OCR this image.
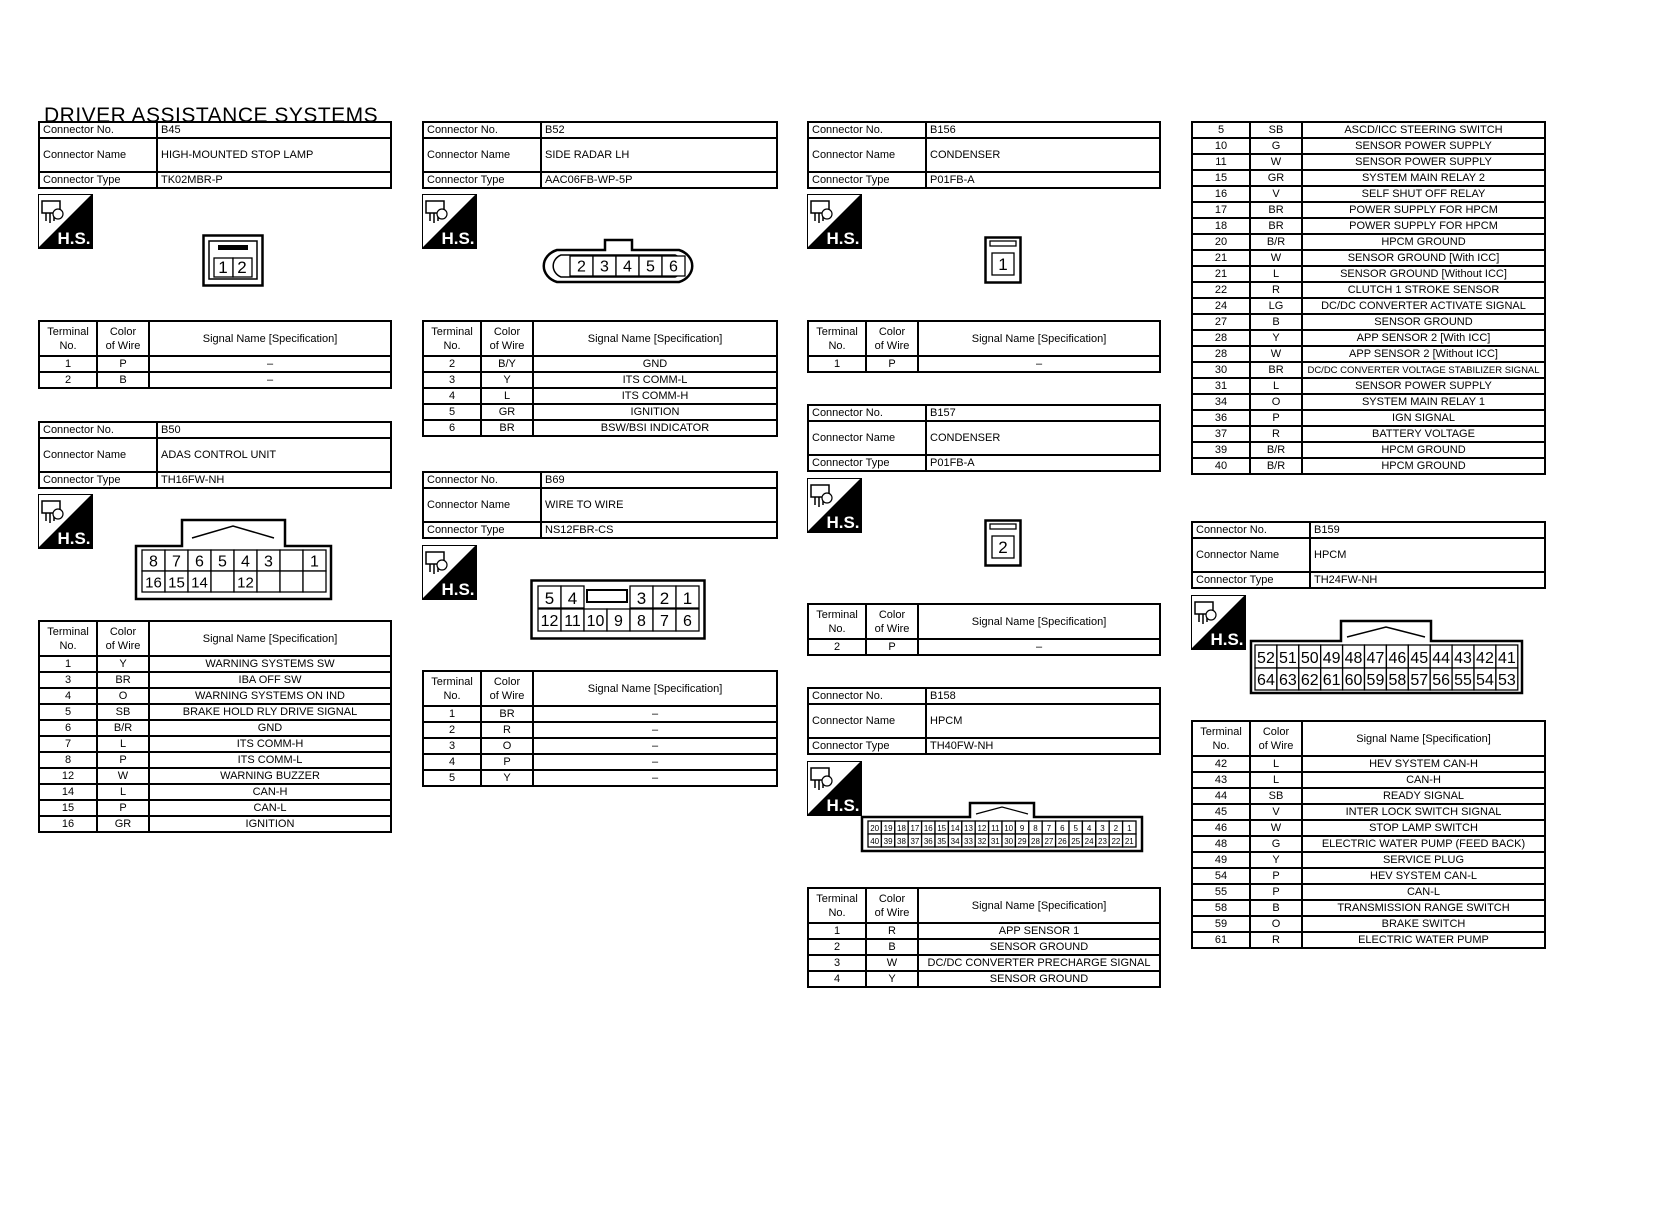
DRIVER ASSISTANCE SYSTEMS
Connector No.	B45
Connector Name	HIGH-MOUNTED STOP LAMP
Connector Type	TK02MBR-P
H.S.
1 2
Terminal
No.	Color
of Wire	Signal Name [Specification]
1	P	–
2	B	–
Connector No.	B50
Connector Name	ADAS CONTROL UNIT
Connector Type	TH16FW-NH
H.S.
8 7 6 5 4 3 1
16 15 14 12
Terminal
No.	Color
of Wire	Signal Name [Specification]
1	Y	WARNING SYSTEMS SW
3	BR	IBA OFF SW
4	O	WARNING SYSTEMS ON IND
5	SB	BRAKE HOLD RLY DRIVE SIGNAL
6	B/R	GND
7	L	ITS COMM-H
8	P	ITS COMM-L
12	W	WARNING BUZZER
14	L	CAN-H
15	P	CAN-L
16	GR	IGNITION
Connector No.	B52
Connector Name	SIDE RADAR LH
Connector Type	AAC06FB-WP-5P
H.S.
2 3 4 5 6
Terminal
No.	Color
of Wire	Signal Name [Specification]
2	B/Y	GND
3	Y	ITS COMM-L
4	L	ITS COMM-H
5	GR	IGNITION
6	BR	BSW/BSI INDICATOR
Connector No.	B69
Connector Name	WIRE TO WIRE
Connector Type	NS12FBR-CS
H.S.	5 4	3 2 1
12 11 10 9 8 7 6
Terminal
No.	Color
of Wire	Signal Name [Specification]
1	BR	–
2	R	–
3	O	–
4	P	–
5	Y	–
Connector No.	B156
Connector Name	CONDENSER
Connector Type	P01FB-A
H.S.
1
Terminal
No.	Color
of Wire	Signal Name [Specification]
1	P	–
Connector No.	B157
Connector Name	CONDENSER
Connector Type	P01FB-A
H.S.
2
Terminal
No.	Color
of Wire	Signal Name [Specification]
2	P	–
Connector No.	B158
Connector Name	HPCM
Connector Type	TH40FW-NH
H.S.
20 19 18 17 16 15 14 13 12 11 10 9 8 7 6 5 4 3 2 1
40 39 38 37 36 35 34 33 32 31 30 29 28 27 26 25 24 23 22 21
Terminal
No.	Color
of Wire	Signal Name [Specification]
1	R	APP SENSOR 1
2	B	SENSOR GROUND
3	W	DC/DC CONVERTER PRECHARGE SIGNAL
4	Y	SENSOR GROUND
5	SB	ASCD/ICC STEERING SWITCH
10	G	SENSOR POWER SUPPLY
11	W	SENSOR POWER SUPPLY
15	GR	SYSTEM MAIN RELAY 2
16	V	SELF SHUT OFF RELAY
17	BR	POWER SUPPLY FOR HPCM
18	BR	POWER SUPPLY FOR HPCM
20	B/R	HPCM GROUND
21	W	SENSOR GROUND [With ICC]
21	L	SENSOR GROUND [Without ICC]
22	R	CLUTCH 1 STROKE SENSOR
24	LG	DC/DC CONVERTER ACTIVATE SIGNAL
27	B	SENSOR GROUND
28	Y	APP SENSOR 2 [With ICC]
28	W	APP SENSOR 2 [Without ICC]
30	BR	DC/DC CONVERTER VOLTAGE STABILIZER SIGNAL
31	L	SENSOR POWER SUPPLY
34	O	SYSTEM MAIN RELAY 1
36	P	IGN SIGNAL
37	R	BATTERY VOLTAGE
39	B/R	HPCM GROUND
40	B/R	HPCM GROUND
Connector No.	B159
Connector Name	HPCM
Connector Type	TH24FW-NH
H.S.
52 51 50 49 48 47 46 45 44 43 42 41
64 63 62 61 60 59 58 57 56 55 54 53
Terminal
No.	Color
of Wire	Signal Name [Specification]
42	L	HEV SYSTEM CAN-H
43	L	CAN-H
44	SB	READY SIGNAL
45	V	INTER LOCK SWITCH SIGNAL
46	W	STOP LAMP SWITCH
48	G	ELECTRIC WATER PUMP (FEED BACK)
49	Y	SERVICE PLUG
54	P	HEV SYSTEM CAN-L
55	P	CAN-L
58	B	TRANSMISSION RANGE SWITCH
59	O	BRAKE SWITCH
61	R	ELECTRIC WATER PUMP
